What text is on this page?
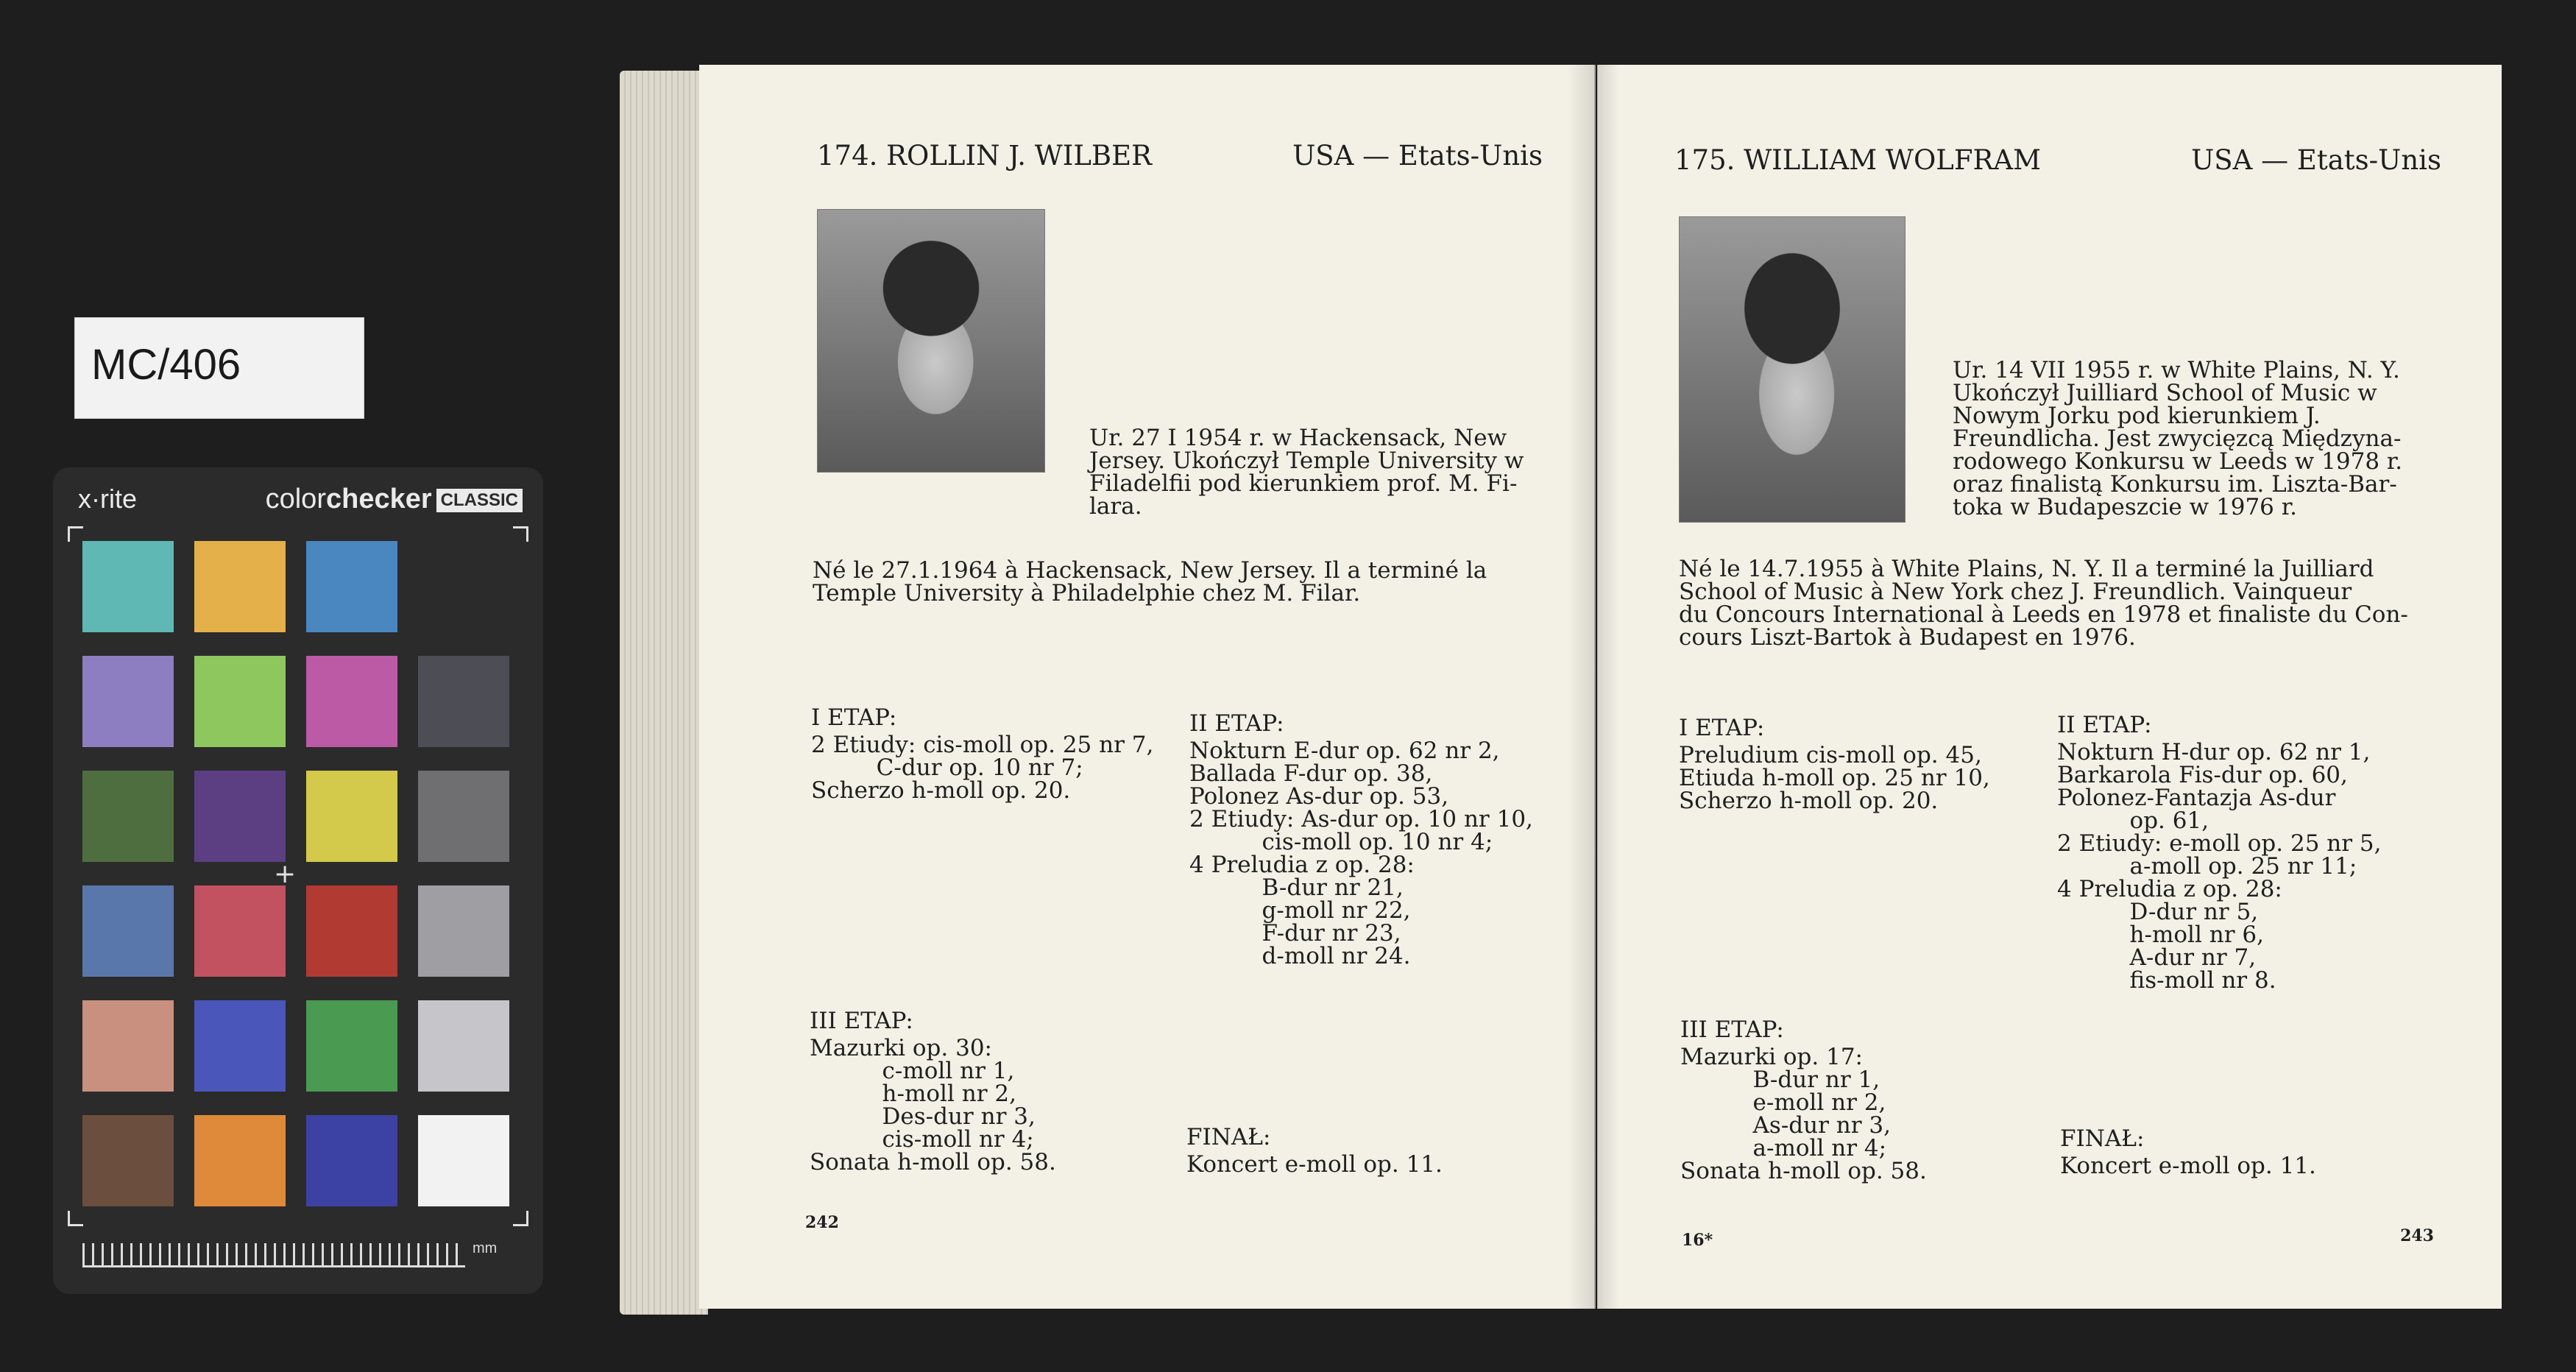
MC/406
x·rite	colorchecker CLASSIC
+
mm
174. ROLLIN J. WILBER	USA — Etats-Unis
Ur. 27 I 1954 r. w Hackensack, New
Jersey. Ukończył Temple University w
Filadelfii pod kierunkiem prof. M. Fi-
lara.
Né le 27.1.1964 à Hackensack, New Jersey. Il a terminé la
Temple University à Philadelphie chez M. Filar.
I ETAP:
2 Etiudy: cis-moll op. 25 nr 7,
C-dur op. 10 nr 7;
Scherzo h-moll op. 20.
II ETAP:
Nokturn E-dur op. 62 nr 2,
Ballada F-dur op. 38,
Polonez As-dur op. 53,
2 Etiudy: As-dur op. 10 nr 10,
cis-moll op. 10 nr 4;
4 Preludia z op. 28:
B-dur nr 21,
g-moll nr 22,
F-dur nr 23,
d-moll nr 24.
III ETAP:
Mazurki op. 30:
c-moll nr 1,
h-moll nr 2,
Des-dur nr 3,
cis-moll nr 4;
Sonata h-moll op. 58.
FINAŁ:
Koncert e-moll op. 11.
242
175. WILLIAM WOLFRAM	USA — Etats-Unis
Ur. 14 VII 1955 r. w White Plains, N. Y.
Ukończył Juilliard School of Music w
Nowym Jorku pod kierunkiem J.
Freundlicha. Jest zwycięzcą Międzyna-
rodowego Konkursu w Leeds w 1978 r.
oraz finalistą Konkursu im. Liszta-Bar-
toka w Budapeszcie w 1976 r.
Né le 14.7.1955 à White Plains, N. Y. Il a terminé la Juilliard
School of Music à New York chez J. Freundlich. Vainqueur
du Concours International à Leeds en 1978 et finaliste du Con-
cours Liszt-Bartok à Budapest en 1976.
I ETAP:
Preludium cis-moll op. 45,
Etiuda h-moll op. 25 nr 10,
Scherzo h-moll op. 20.
II ETAP:
Nokturn H-dur op. 62 nr 1,
Barkarola Fis-dur op. 60,
Polonez-Fantazja As-dur
op. 61,
2 Etiudy: e-moll op. 25 nr 5,
a-moll op. 25 nr 11;
4 Preludia z op. 28:
D-dur nr 5,
h-moll nr 6,
A-dur nr 7,
fis-moll nr 8.
III ETAP:
Mazurki op. 17:
B-dur nr 1,
e-moll nr 2,
As-dur nr 3,
a-moll nr 4;
Sonata h-moll op. 58.
FINAŁ:
Koncert e-moll op. 11.
16*	243
